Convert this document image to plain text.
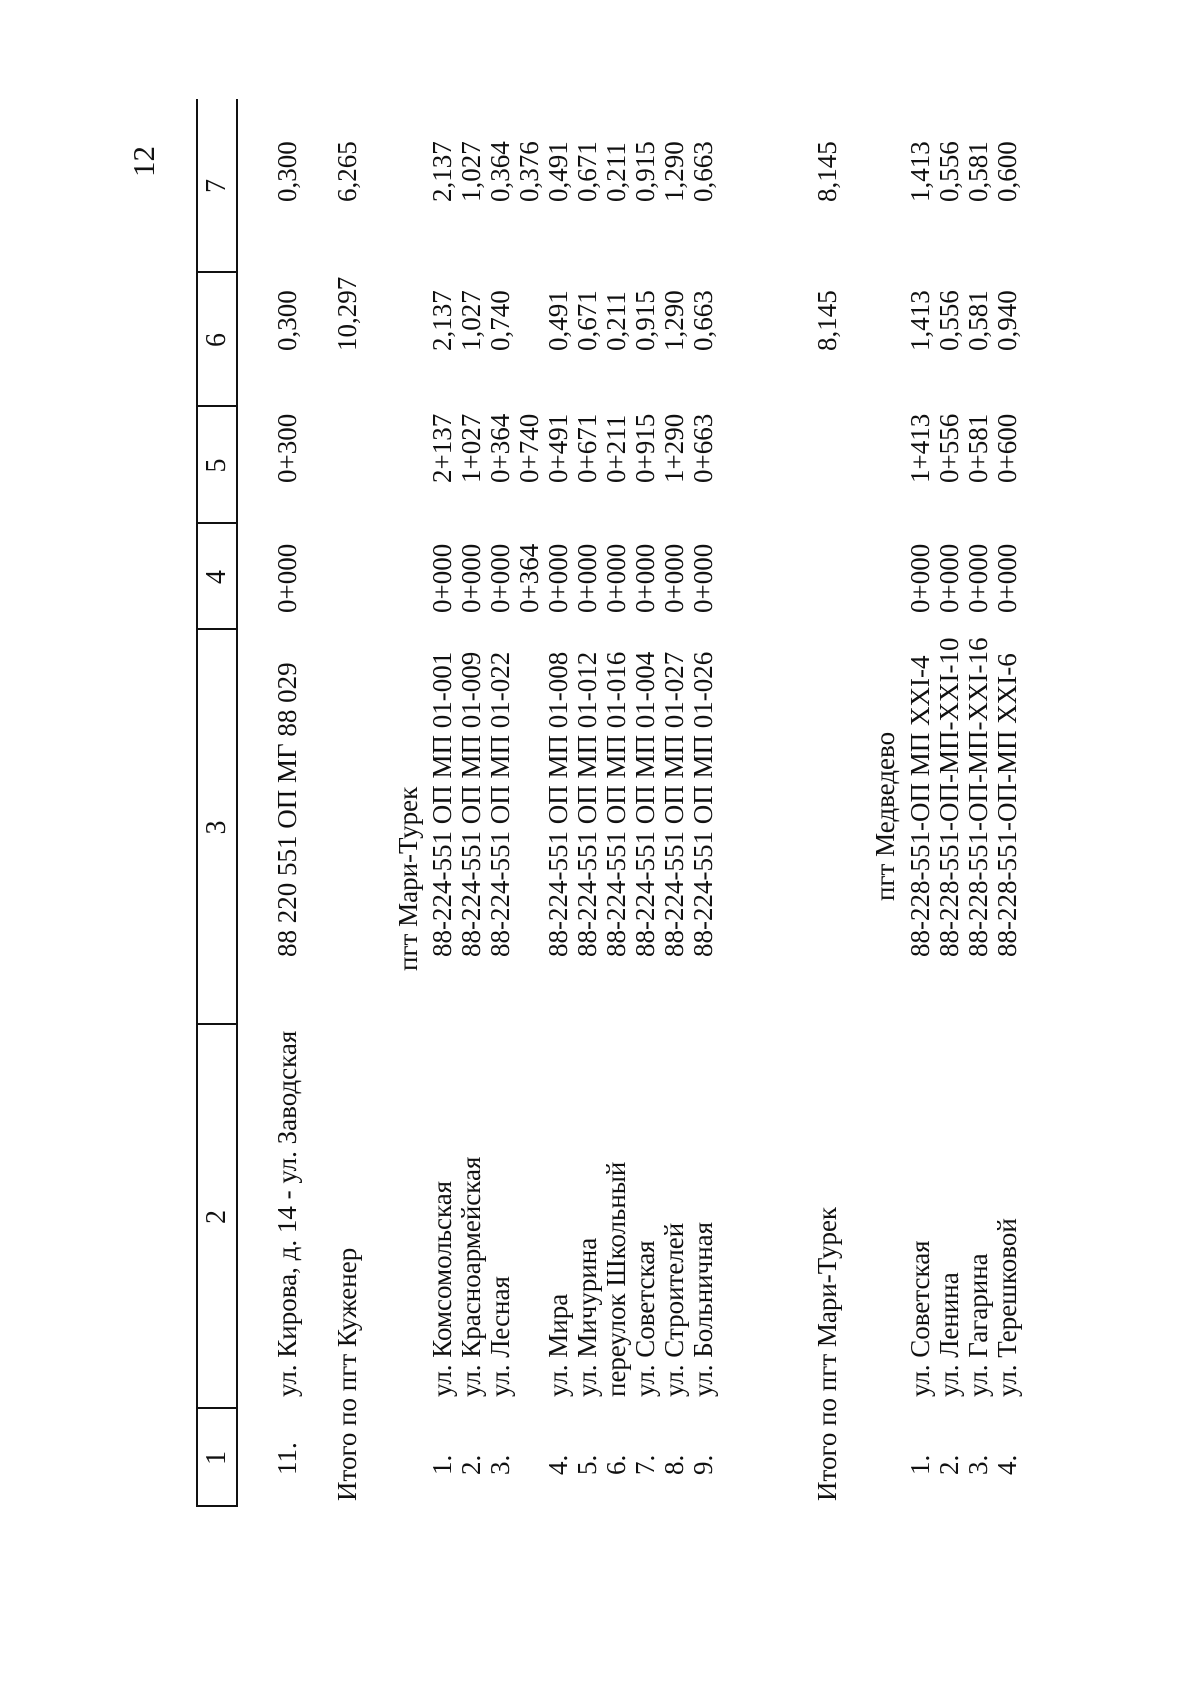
12
1
2
3
4
5
6
7
11.
ул. Кирова, д. 14 - ул. Заводская
88 220 551 ОП МГ 88 029
0+000
0+300
0,300
0,300
Итого по пгт Куженер
10,297
6,265
пгт Мари-Турек
1.
ул. Комсомольская
88-224-551 ОП МП 01-001
0+000
2+137
2,137
2,137
2.
ул. Красноармейская
88-224-551 ОП МП 01-009
0+000
1+027
1,027
1,027
3.
ул. Лесная
88-224-551 ОП МП 01-022
0+000
0+364
0,740
0,364
0+364
0+740
0,376
4.
ул. Мира
88-224-551 ОП МП 01-008
0+000
0+491
0,491
0,491
5.
ул. Мичурина
88-224-551 ОП МП 01-012
0+000
0+671
0,671
0,671
6.
переулок Школьный
88-224-551 ОП МП 01-016
0+000
0+211
0,211
0,211
7.
ул. Советская
88-224-551 ОП МП 01-004
0+000
0+915
0,915
0,915
8.
ул. Строителей
88-224-551 ОП МП 01-027
0+000
1+290
1,290
1,290
9.
ул. Больничная
88-224-551 ОП МП 01-026
0+000
0+663
0,663
0,663
Итого по пгт Мари-Турек
8,145
8,145
пгт Медведево
1.
ул. Советская
88-228-551-ОП МП XXI-4
0+000
1+413
1,413
1,413
2.
ул. Ленина
88-228-551-ОП-МП-XXI-10
0+000
0+556
0,556
0,556
3.
ул. Гагарина
88-228-551-ОП-МП-XXI-16
0+000
0+581
0,581
0,581
4.
ул. Терешковой
88-228-551-ОП-МП XXI-6
0+000
0+600
0,940
0,600
